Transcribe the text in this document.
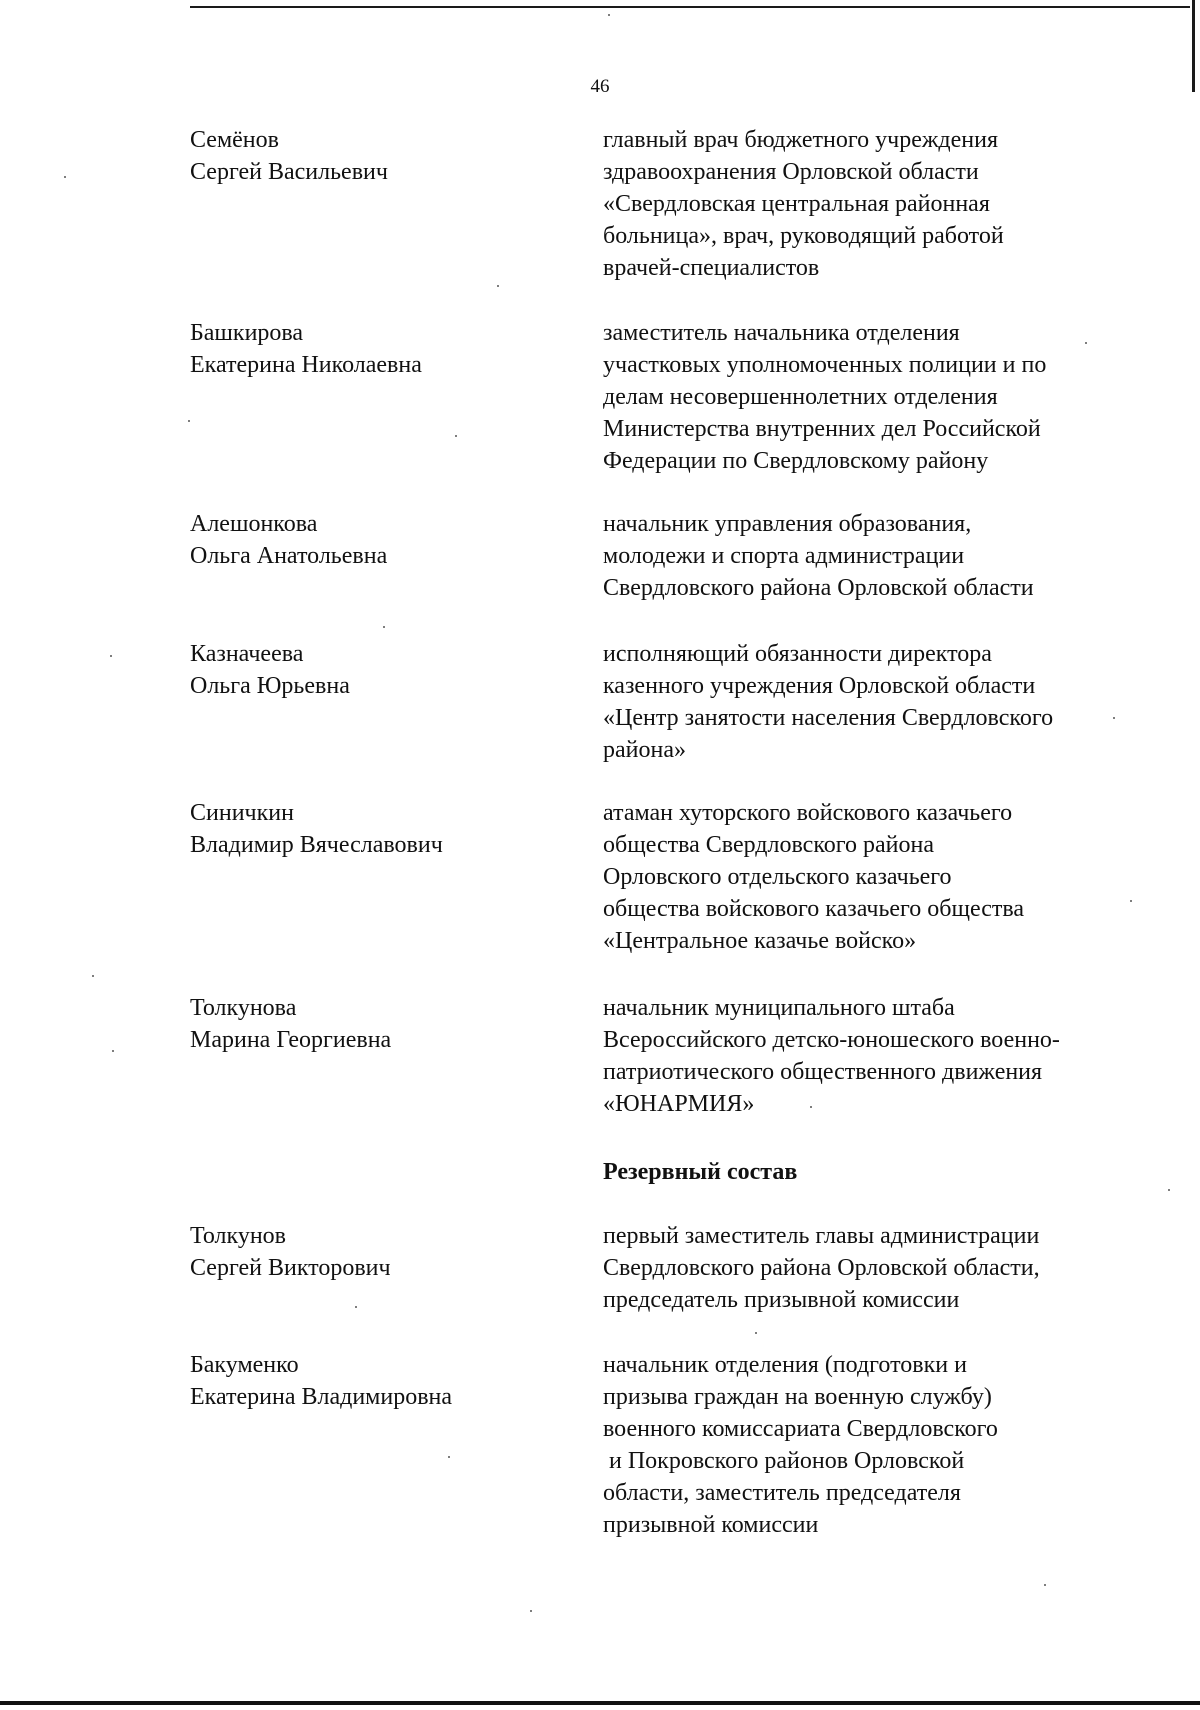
46
Семёнов
Сергей Васильевич
главный врач бюджетного учреждения
здравоохранения Орловской области
«Свердловская центральная районная
больница», врач, руководящий работой
врачей-специалистов
Башкирова
Екатерина Николаевна
заместитель начальника отделения
участковых уполномоченных полиции и по
делам несовершеннолетних отделения
Министерства внутренних дел Российской
Федерации по Свердловскому району
Алешонкова
Ольга Анатольевна
начальник управления образования,
молодежи и спорта администрации
Свердловского района Орловской области
Казначеева
Ольга Юрьевна
исполняющий обязанности директора
казенного учреждения Орловской области
«Центр занятости населения Свердловского
района»
Синичкин
Владимир Вячеславович
атаман хуторского войскового казачьего
общества Свердловского района
Орловского отдельского казачьего
общества войскового казачьего общества
«Центральное казачье войско»
Толкунова
Марина Георгиевна
начальник муниципального штаба
Всероссийского детско-юношеского военно-
патриотического общественного движения
«ЮНАРМИЯ»
Резервный состав
Толкунов
Сергей Викторович
первый заместитель главы администрации
Свердловского района Орловской области,
председатель призывной комиссии
Бакуменко
Екатерина Владимировна
начальник отделения (подготовки и
призыва граждан на военную службу)
военного комиссариата Свердловского
и Покровского районов Орловской
области, заместитель председателя
призывной комиссии
